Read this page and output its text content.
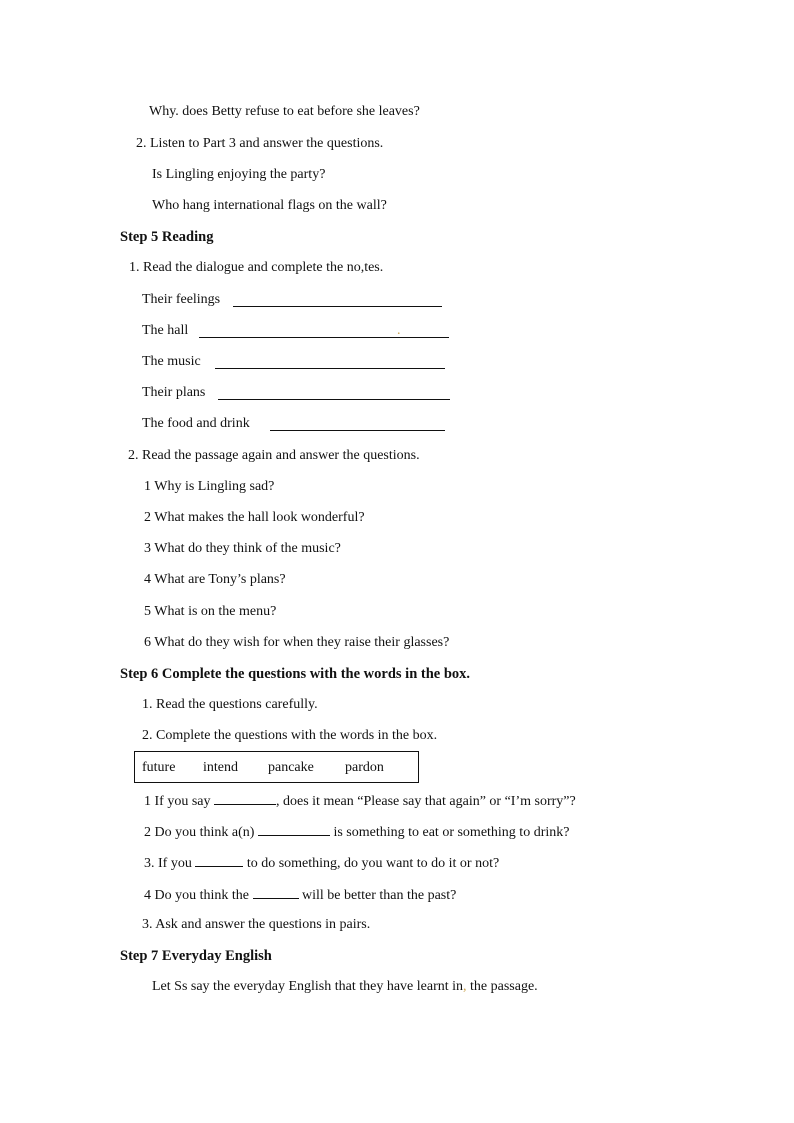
Why. does Betty refuse to eat before she leaves?
2. Listen to Part 3 and answer the questions.
Is Lingling enjoying the party?
Who hang international flags on the wall?
Step 5 Reading
1. Read the dialogue and complete the no,tes.
Their feelings
The hall	.
The music
Their plans
The food and drink
2. Read the passage again and answer the questions.
1 Why is Lingling sad?
2 What makes the hall look wonderful?
3 What do they think of the music?
4 What are Tony’s plans?
5 What is on the menu?
6 What do they wish for when they raise their glasses?
Step 6 Complete the questions with the words in the box.
1. Read the questions carefully.
2. Complete the questions with the words in the box.
future intend pancake pardon
1 If you say	, does it mean “Please say that again” or “I’m sorry”?
2 Do you think a(n)	is something to eat or something to drink?
3. If you	to do something, do you want to do it or not?
4 Do you think the	will be better than the past?
3. Ask and answer the questions in pairs.
Step 7 Everyday English
Let Ss say the everyday English that they have learnt in, the passage.
